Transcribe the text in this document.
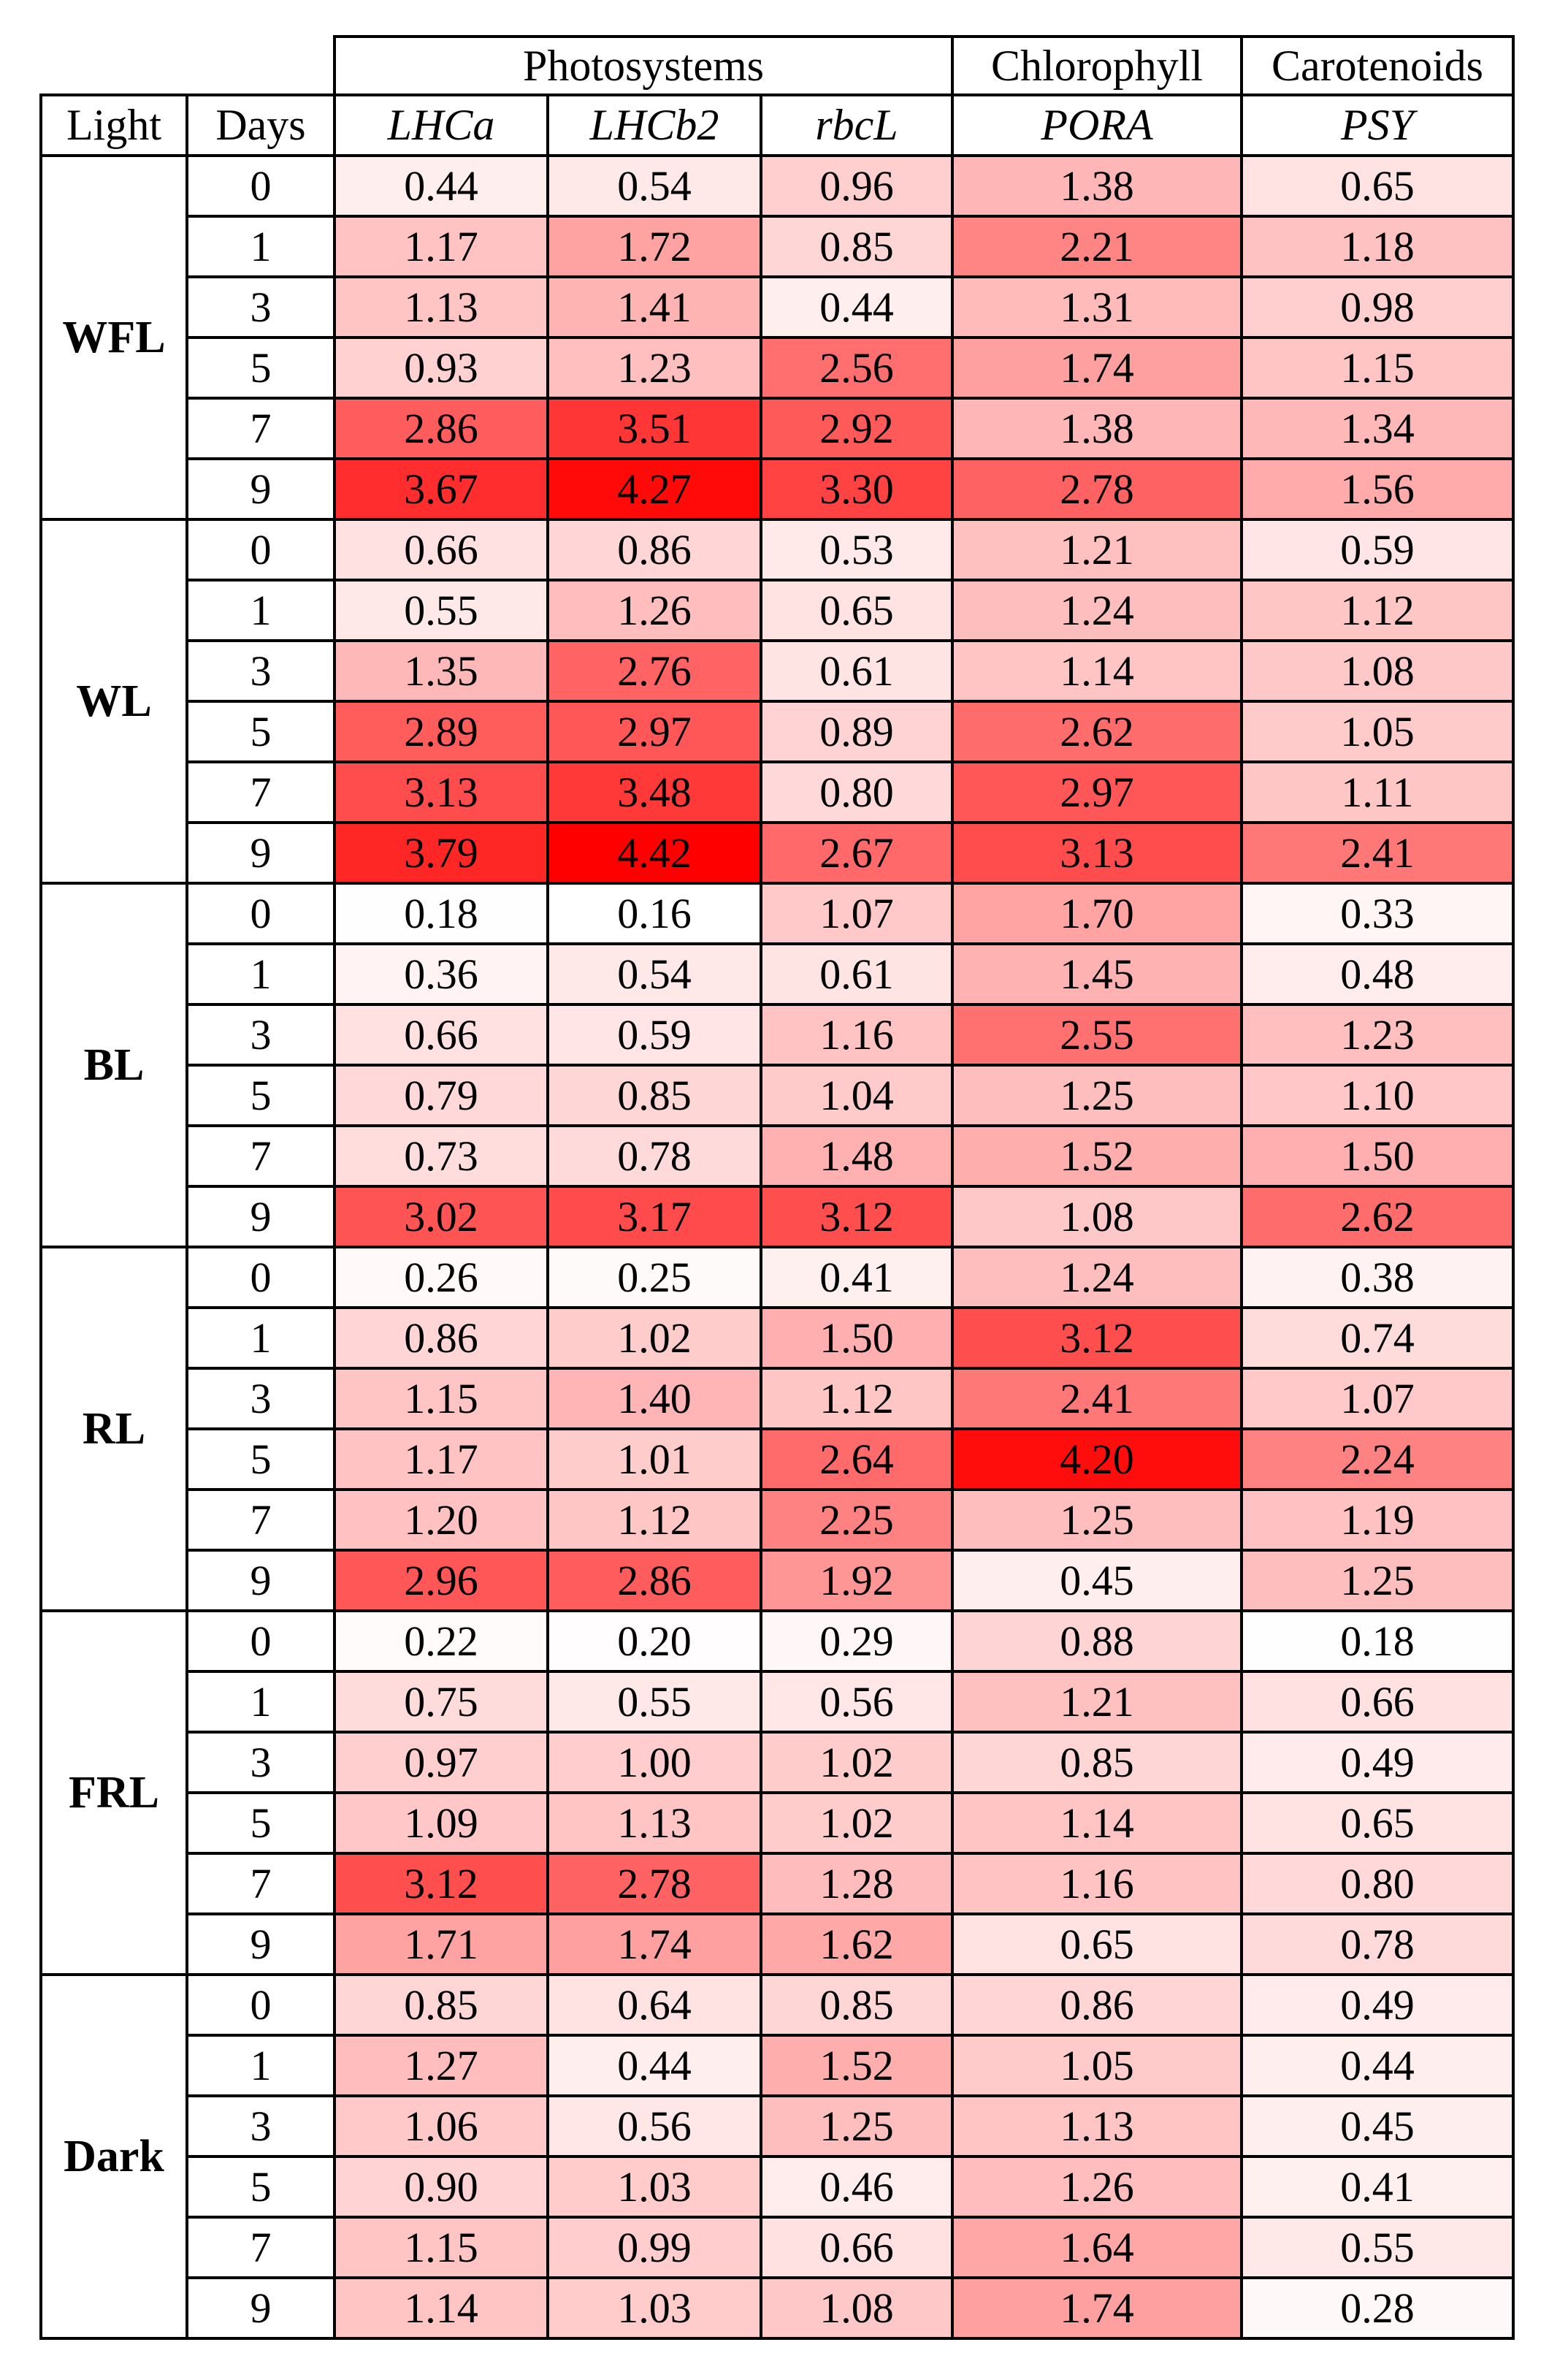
		Photosystems			Chlorophyll	Carotenoids
Light	Days	LHCa	LHCb2	rbcL	PORA	PSY
WFL	0	0.44	0.54	0.96	1.38	0.65
	1	1.17	1.72	0.85	2.21	1.18
	3	1.13	1.41	0.44	1.31	0.98
	5	0.93	1.23	2.56	1.74	1.15
	7	2.86	3.51	2.92	1.38	1.34
	9	3.67	4.27	3.30	2.78	1.56
WL	0	0.66	0.86	0.53	1.21	0.59
	1	0.55	1.26	0.65	1.24	1.12
	3	1.35	2.76	0.61	1.14	1.08
	5	2.89	2.97	0.89	2.62	1.05
	7	3.13	3.48	0.80	2.97	1.11
	9	3.79	4.42	2.67	3.13	2.41
BL	0	0.18	0.16	1.07	1.70	0.33
	1	0.36	0.54	0.61	1.45	0.48
	3	0.66	0.59	1.16	2.55	1.23
	5	0.79	0.85	1.04	1.25	1.10
	7	0.73	0.78	1.48	1.52	1.50
	9	3.02	3.17	3.12	1.08	2.62
RL	0	0.26	0.25	0.41	1.24	0.38
	1	0.86	1.02	1.50	3.12	0.74
	3	1.15	1.40	1.12	2.41	1.07
	5	1.17	1.01	2.64	4.20	2.24
	7	1.20	1.12	2.25	1.25	1.19
	9	2.96	2.86	1.92	0.45	1.25
FRL	0	0.22	0.20	0.29	0.88	0.18
	1	0.75	0.55	0.56	1.21	0.66
	3	0.97	1.00	1.02	0.85	0.49
	5	1.09	1.13	1.02	1.14	0.65
	7	3.12	2.78	1.28	1.16	0.80
	9	1.71	1.74	1.62	0.65	0.78
Dark	0	0.85	0.64	0.85	0.86	0.49
	1	1.27	0.44	1.52	1.05	0.44
	3	1.06	0.56	1.25	1.13	0.45
	5	0.90	1.03	0.46	1.26	0.41
	7	1.15	0.99	0.66	1.64	0.55
	9	1.14	1.03	1.08	1.74	0.28
